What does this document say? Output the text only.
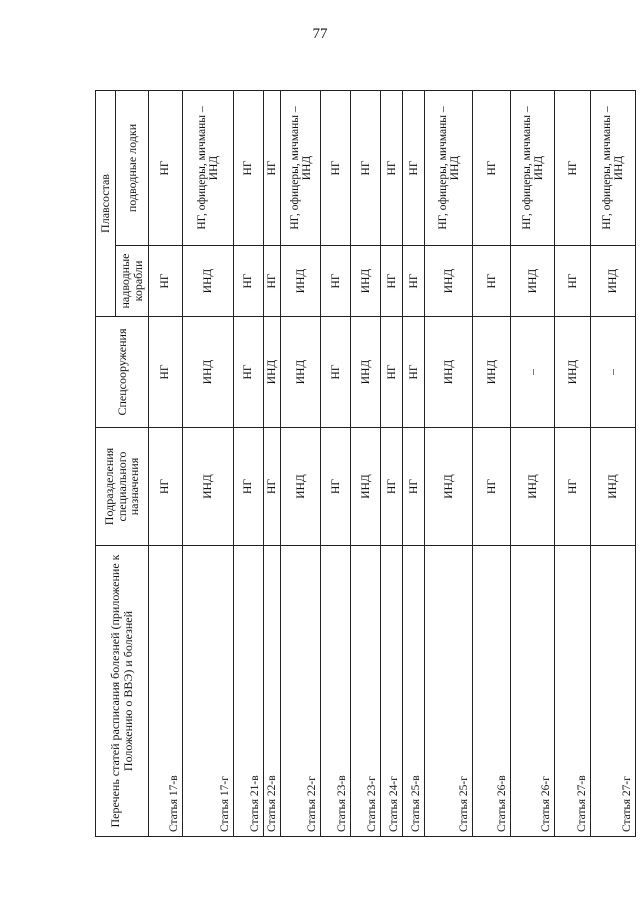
77
Перечень статей расписания болезней (приложение к Положению о ВВЭ) и болезней	Подразделения специального назначения	Спецсооружения	Плавсостав	
			надводные корабли	подводные лодки
Статья 17-в	НГ	НГ	НГ	НГ
Статья 17-г	ИНД	ИНД	ИНД	НГ, офицеры, мичманы – ИНД
Статья 21-в	НГ	НГ	НГ	НГ
Статья 22-в	НГ	ИНД	НГ	НГ
Статья 22-г	ИНД	ИНД	ИНД	НГ, офицеры, мичманы – ИНД
Статья 23-в	НГ	НГ	НГ	НГ
Статья 23-г	ИНД	ИНД	ИНД	НГ
Статья 24-г	НГ	НГ	НГ	НГ
Статья 25-в	НГ	НГ	НГ	НГ
Статья 25-г	ИНД	ИНД	ИНД	НГ, офицеры, мичманы – ИНД
Статья 26-в	НГ	ИНД	НГ	НГ
Статья 26-г	ИНД	–	ИНД	НГ, офицеры, мичманы – ИНД
Статья 27-в	НГ	ИНД	НГ	НГ
Статья 27-г	ИНД	–	ИНД	НГ, офицеры, мичманы – ИНД
